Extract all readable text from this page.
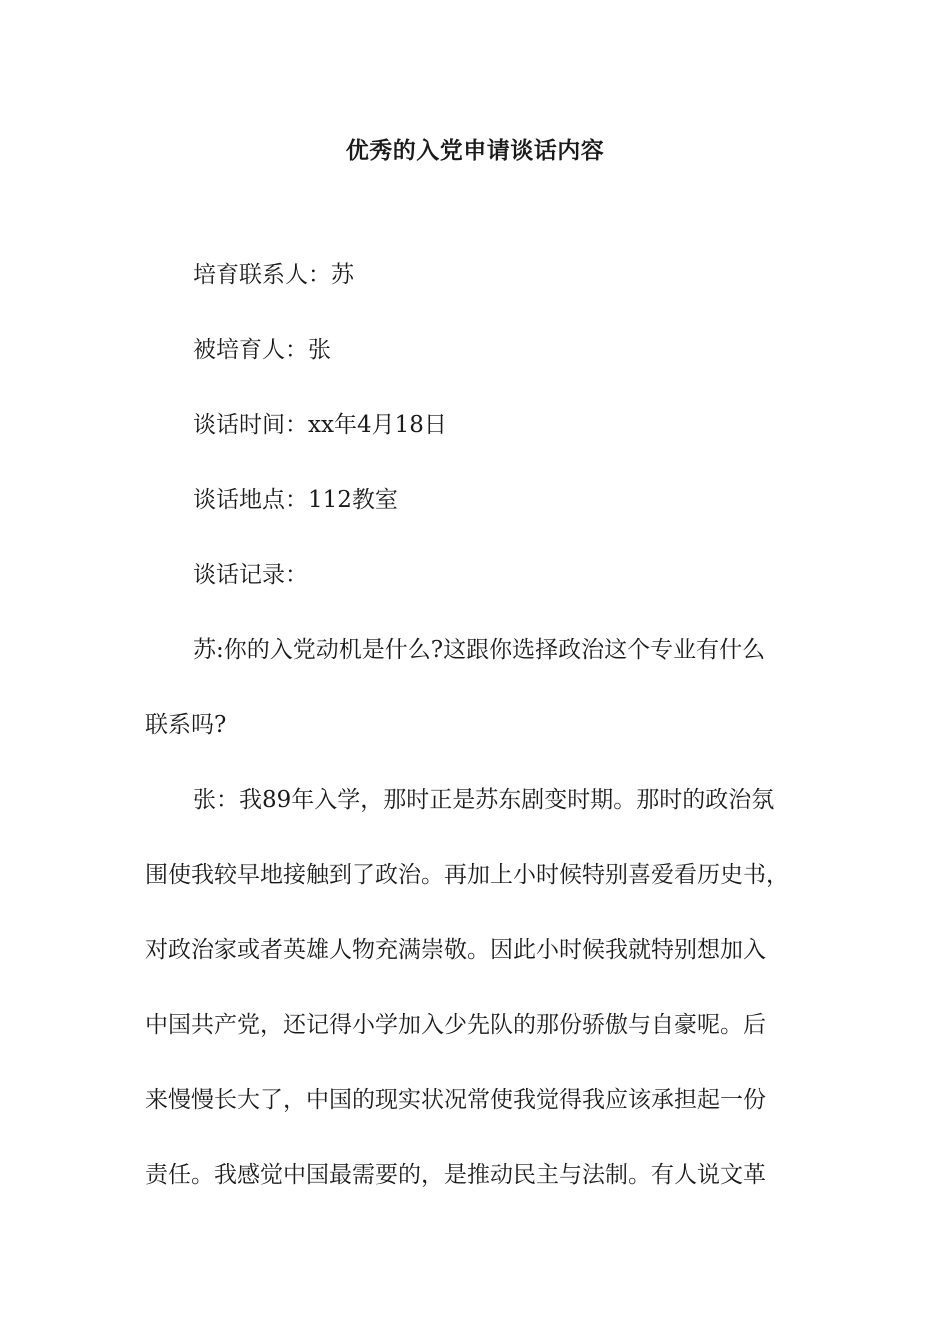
优秀的入党申请谈话内容
培育联系人：苏
被培育人：张
谈话时间：xx年4月18日
谈话地点：112教室
谈话记录：
苏:你的入党动机是什么?这跟你选择政治这个专业有什么
联系吗?
张：我89年入学，那时正是苏东剧变时期。那时的政治氛
围使我较早地接触到了政治。再加上小时候特别喜爱看历史书，
对政治家或者英雄人物充满崇敬。因此小时候我就特别想加入
中国共产党，还记得小学加入少先队的那份骄傲与自豪呢。后
来慢慢长大了，中国的现实状况常使我觉得我应该承担起一份
责任。我感觉中国最需要的，是推动民主与法制。有人说文革
